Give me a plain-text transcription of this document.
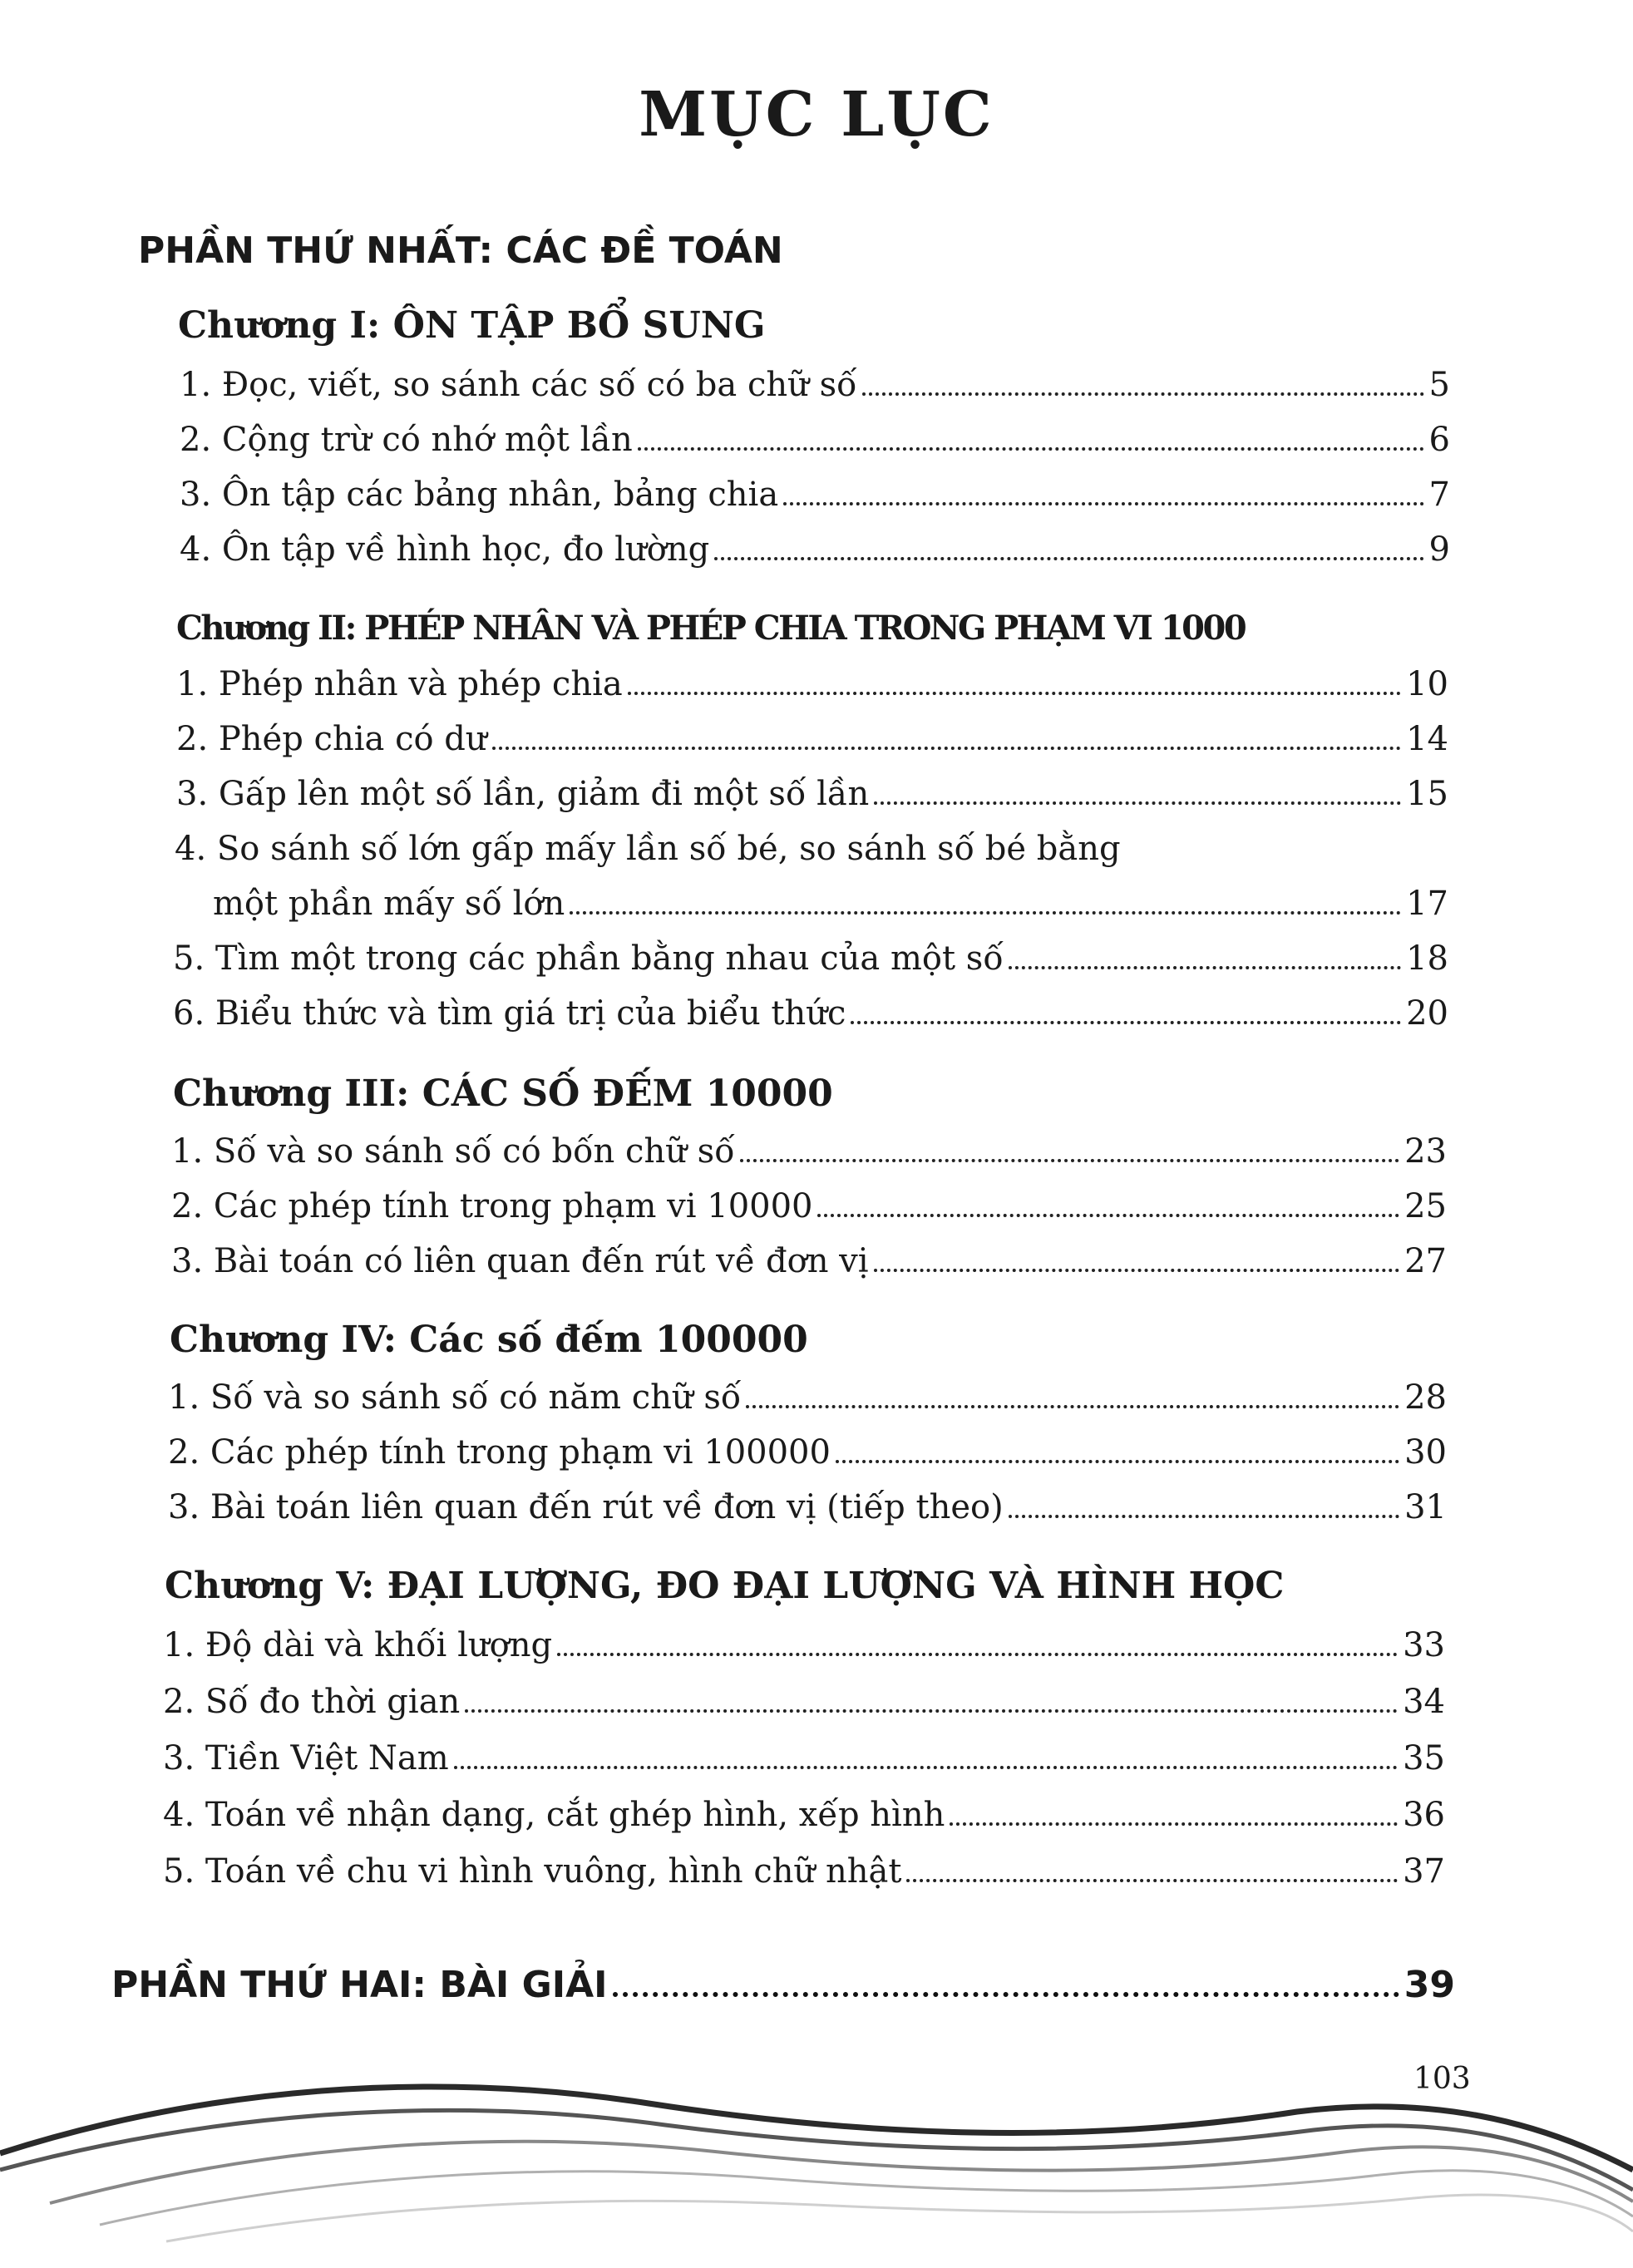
MỤC LỤC
PHẦN THỨ NHẤT: CÁC ĐỀ TOÁN
Chương I: ÔN TẬP BỔ SUNG
1. Đọc, viết, so sánh các số có ba chữ số	5
2. Cộng trừ có nhớ một lần	6
3. Ôn tập các bảng nhân, bảng chia	7
4. Ôn tập về hình học, đo lường	9
Chương II: PHÉP NHÂN VÀ PHÉP CHIA TRONG PHẠM VI 1000
1. Phép nhân và phép chia	10
2. Phép chia có dư	14
3. Gấp lên một số lần, giảm đi một số lần	15
4. So sánh số lớn gấp mấy lần số bé, so sánh số bé bằng
một phần mấy số lớn	17
5. Tìm một trong các phần bằng nhau của một số	18
6. Biểu thức và tìm giá trị của biểu thức	20
Chương III: CÁC SỐ ĐẾM 10000
1. Số và so sánh số có bốn chữ số	23
2. Các phép tính trong phạm vi 10000	25
3. Bài toán có liên quan đến rút về đơn vị	27
Chương IV: Các số đếm 100000
1. Số và so sánh số có năm chữ số	28
2. Các phép tính trong phạm vi 100000	30
3. Bài toán liên quan đến rút về đơn vị (tiếp theo)	31
Chương V: ĐẠI LƯỢNG, ĐO ĐẠI LƯỢNG VÀ HÌNH HỌC
1. Độ dài và khối lượng	33
2. Số đo thời gian	34
3. Tiền Việt Nam	35
4. Toán về nhận dạng, cắt ghép hình, xếp hình	36
5. Toán về chu vi hình vuông, hình chữ nhật	37
PHẦN THỨ HAI: BÀI GIẢI	39
103
